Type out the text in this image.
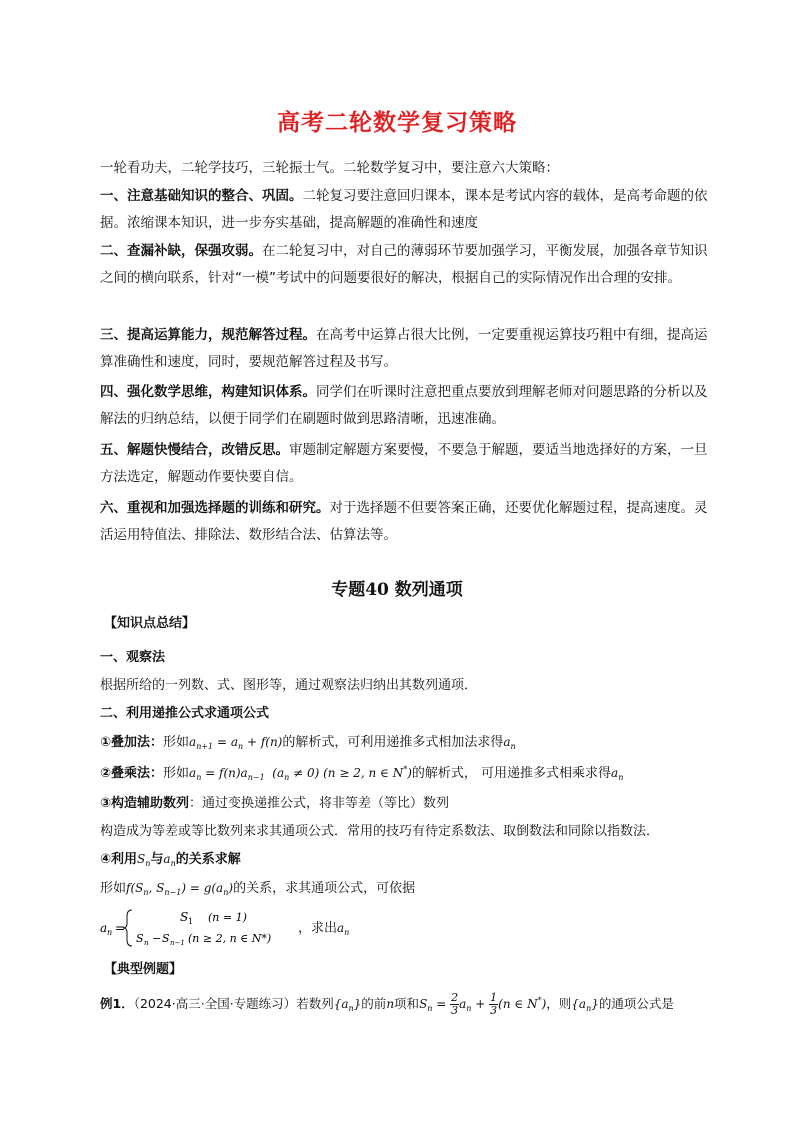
高考二轮数学复习策略
一轮看功夫，二轮学技巧，三轮振士气。二轮数学复习中，要注意六大策略：
一、注意基础知识的整合、巩固。二轮复习要注意回归课本，课本是考试内容的载体，是高考命题的依据。浓缩课本知识，进一步夯实基础，提高解题的准确性和速度
二、查漏补缺，保强攻弱。在二轮复习中，对自己的薄弱环节要加强学习，平衡发展，加强各章节知识之间的横向联系，针对“一模”考试中的问题要很好的解决，根据自己的实际情况作出合理的安排。
三、提高运算能力，规范解答过程。在高考中运算占很大比例，一定要重视运算技巧粗中有细，提高运算准确性和速度，同时，要规范解答过程及书写。
四、强化数学思维，构建知识体系。同学们在听课时注意把重点要放到理解老师对问题思路的分析以及解法的归纳总结，以便于同学们在刷题时做到思路清晰，迅速准确。
五、解题快慢结合，改错反思。审题制定解题方案要慢，不要急于解题，要适当地选择好的方案，一旦方法选定，解题动作要快要自信。
六、重视和加强选择题的训练和研究。对于选择题不但要答案正确，还要优化解题过程，提高速度。灵活运用特值法、排除法、数形结合法、估算法等。
专题40 数列通项
【知识点总结】
一、观察法
根据所给的一列数、式、图形等，通过观察法归纳出其数列通项．
二、利用递推公式求通项公式
①叠加法：形如$a_{n+1} = a_n + f(n)$的解析式，可利用递推多式相加法求得$a_n$
②叠乘法：形如$a_n = f(n)a_{n-1}$  $(a_n \ne 0) (n \ge 2$, n ∈ N*)的解析式， 可用递推多式相乘求得$a_n$
③构造辅助数列：通过变换递推公式，将非等差（等比）数列
构造成为等差或等比数列来求其通项公式．常用的技巧有待定系数法、取倒数法和同除以指数法．
④利用$S_n$与$a_n$的关系求解
形如$f(S_n$, $S_{n-1}) = g(a_n)$的关系，求其通项公式，可依据
a n =
S 1 (n = 1)
S n − S n−1 (n ≥ 2, n ∈ N*)
，求出$a_n$
【典型例题】
例1．（2024·高三·全国·专题练习）若数列$\{a_n\}$的前n项和$S_n = \frac{2}{3} a_n + \frac{1}{3} (n$ ∈ N*)，则$\{a_n\}$的通项公式是
